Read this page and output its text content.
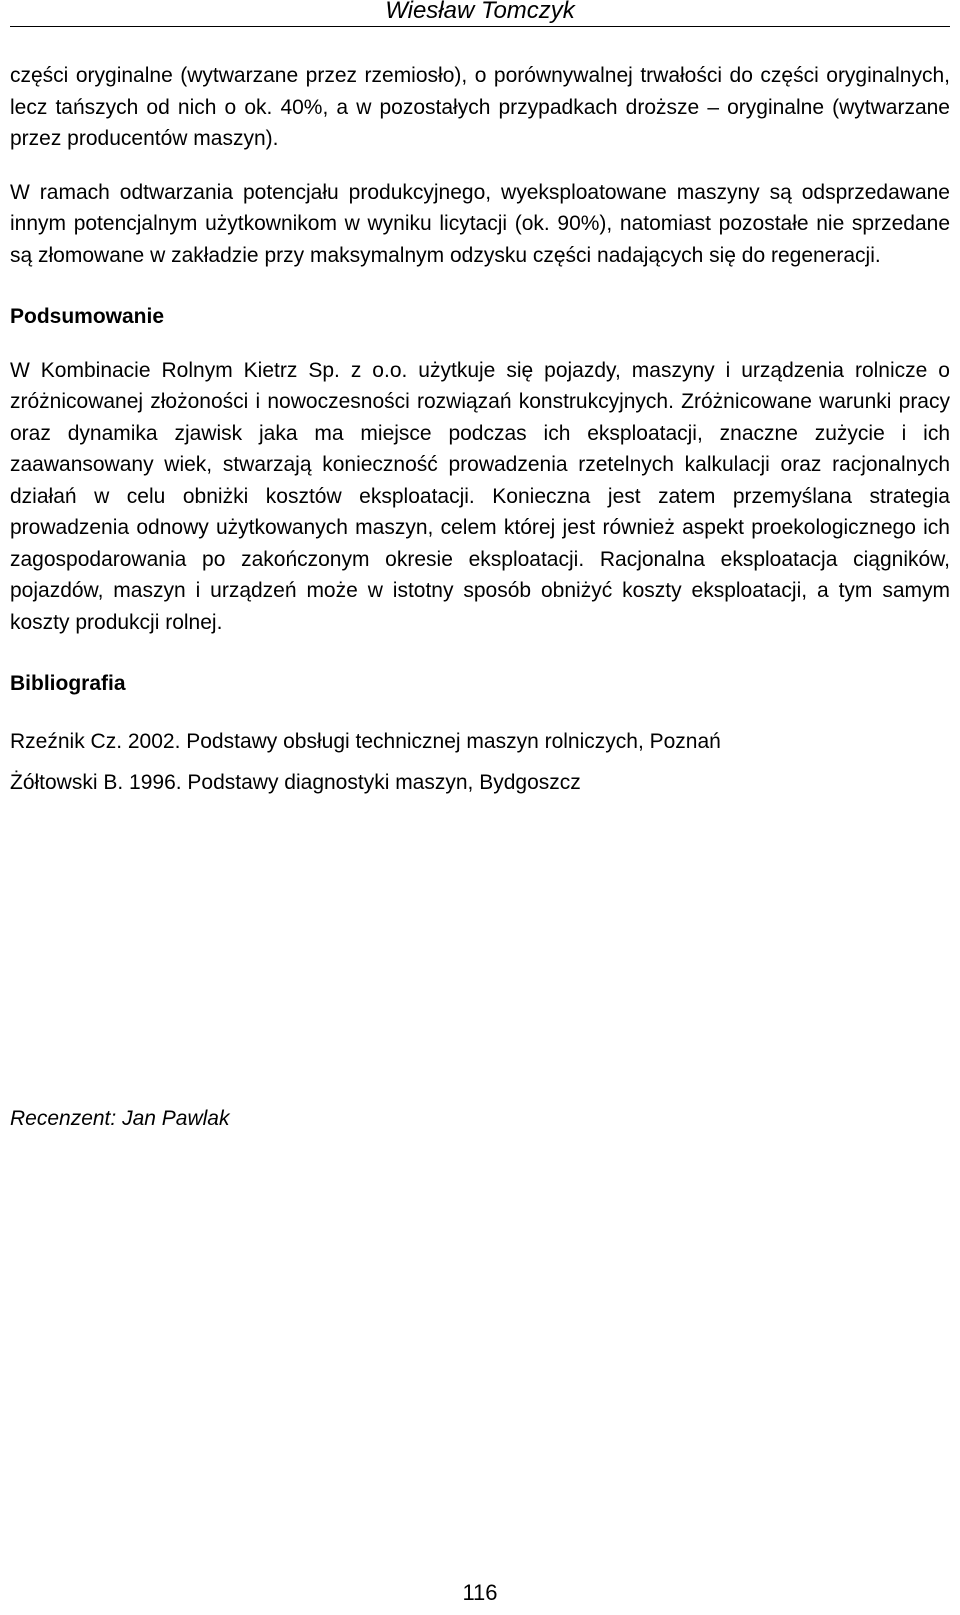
Wiesław Tomczyk

części oryginalne (wytwarzane przez rzemiosło), o porównywalnej trwałości do części oryginalnych, lecz tańszych od nich o ok. 40%, a w pozostałych przypadkach droższe – oryginalne (wytwarzane przez producentów maszyn).

W ramach odtwarzania potencjału produkcyjnego, wyeksploatowane maszyny są odsprzedawane innym potencjalnym użytkownikom w wyniku licytacji (ok. 90%), natomiast pozostałe nie sprzedane są złomowane w zakładzie przy maksymalnym odzysku części nadających się do regeneracji.

Podsumowanie

W Kombinacie Rolnym Kietrz Sp. z o.o. użytkuje się pojazdy, maszyny i urządzenia rolnicze o zróżnicowanej złożoności i nowoczesności rozwiązań konstrukcyjnych. Zróżnicowane warunki pracy oraz dynamika zjawisk jaka ma miejsce podczas ich eksploatacji, znaczne zużycie i ich zaawansowany wiek, stwarzają konieczność prowadzenia rzetelnych kalkulacji oraz racjonalnych działań w celu obniżki kosztów eksploatacji. Konieczna jest zatem przemyślana strategia prowadzenia odnowy użytkowanych maszyn, celem której jest również aspekt proekologicznego ich zagospodarowania po zakończonym okresie eksploatacji. Racjonalna eksploatacja ciągników, pojazdów, maszyn i urządzeń może w istotny sposób obniżyć koszty eksploatacji, a tym samym koszty produkcji rolnej.

Bibliografia

Rzeźnik Cz. 2002. Podstawy obsługi technicznej maszyn rolniczych, Poznań

Żółtowski B. 1996. Podstawy diagnostyki maszyn, Bydgoszcz

Recenzent: Jan Pawlak
116
